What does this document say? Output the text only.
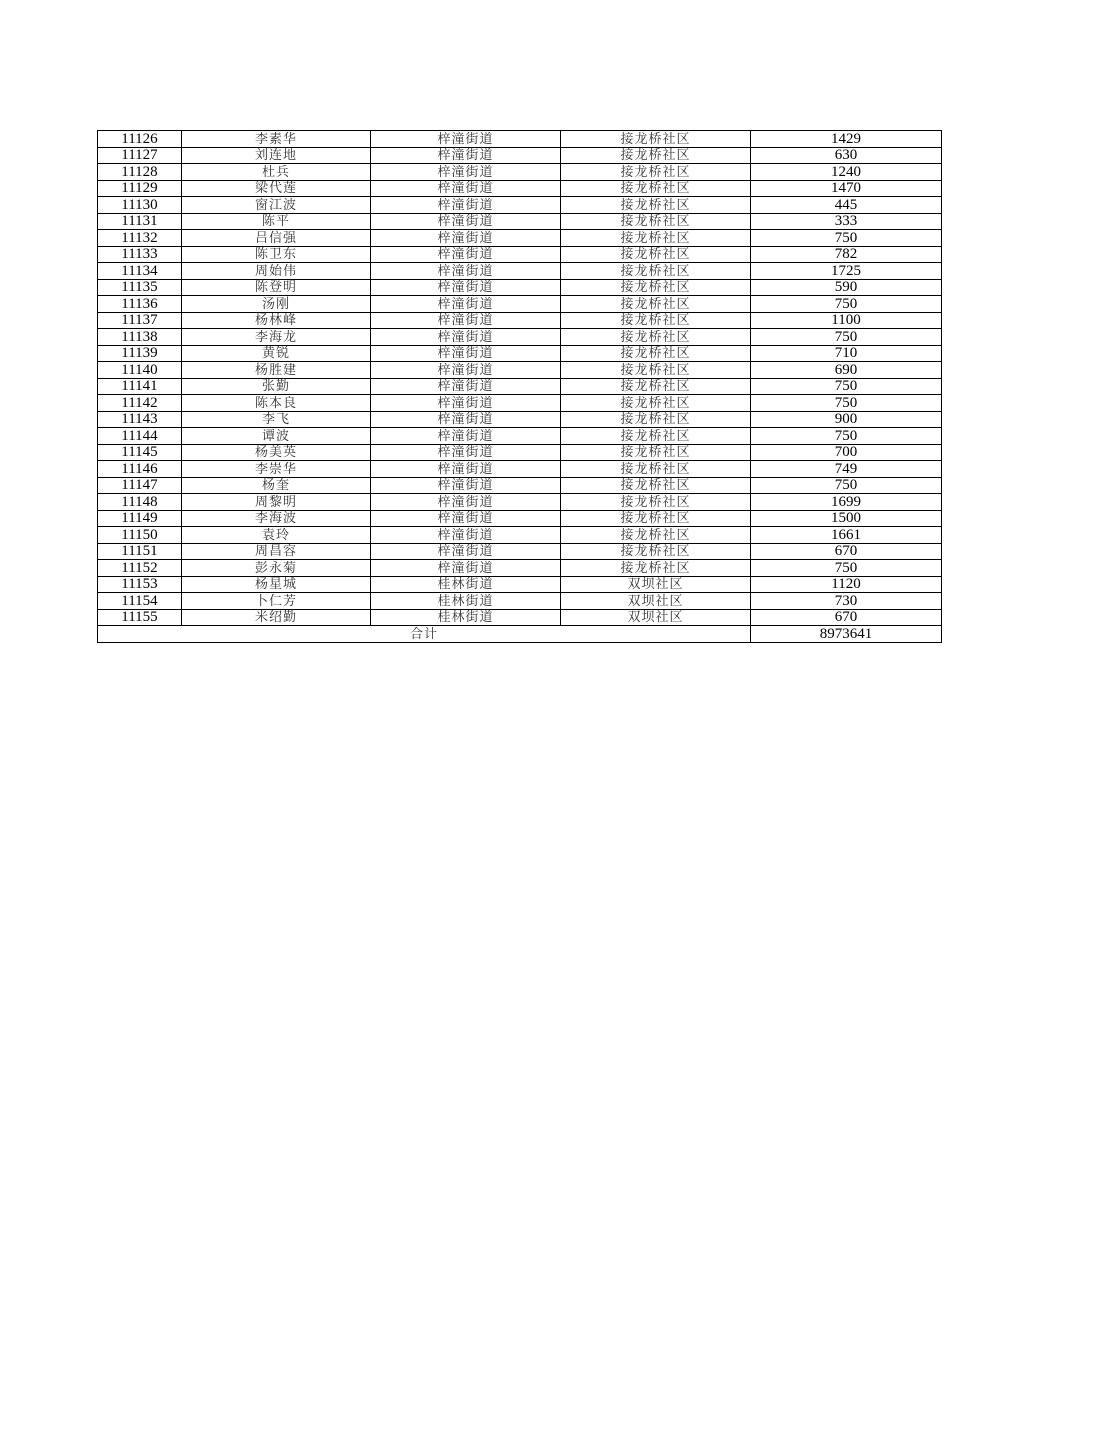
11126	李素华	梓潼街道	接龙桥社区	1429
11127	刘连地	梓潼街道	接龙桥社区	630
11128	杜兵	梓潼街道	接龙桥社区	1240
11129	梁代莲	梓潼街道	接龙桥社区	1470
11130	窗江波	梓潼街道	接龙桥社区	445
11131	陈平	梓潼街道	接龙桥社区	333
11132	吕信强	梓潼街道	接龙桥社区	750
11133	陈卫东	梓潼街道	接龙桥社区	782
11134	周始伟	梓潼街道	接龙桥社区	1725
11135	陈登明	梓潼街道	接龙桥社区	590
11136	汤刚	梓潼街道	接龙桥社区	750
11137	杨林峰	梓潼街道	接龙桥社区	1100
11138	李海龙	梓潼街道	接龙桥社区	750
11139	黄锐	梓潼街道	接龙桥社区	710
11140	杨胜建	梓潼街道	接龙桥社区	690
11141	张勤	梓潼街道	接龙桥社区	750
11142	陈本良	梓潼街道	接龙桥社区	750
11143	李飞	梓潼街道	接龙桥社区	900
11144	谭波	梓潼街道	接龙桥社区	750
11145	杨美英	梓潼街道	接龙桥社区	700
11146	李崇华	梓潼街道	接龙桥社区	749
11147	杨奎	梓潼街道	接龙桥社区	750
11148	周黎明	梓潼街道	接龙桥社区	1699
11149	李海波	梓潼街道	接龙桥社区	1500
11150	袁玲	梓潼街道	接龙桥社区	1661
11151	周昌容	梓潼街道	接龙桥社区	670
11152	彭永菊	梓潼街道	接龙桥社区	750
11153	杨星城	桂林街道	双坝社区	1120
11154	卜仁芳	桂林街道	双坝社区	730
11155	米绍勤	桂林街道	双坝社区	670
合计				8973641
